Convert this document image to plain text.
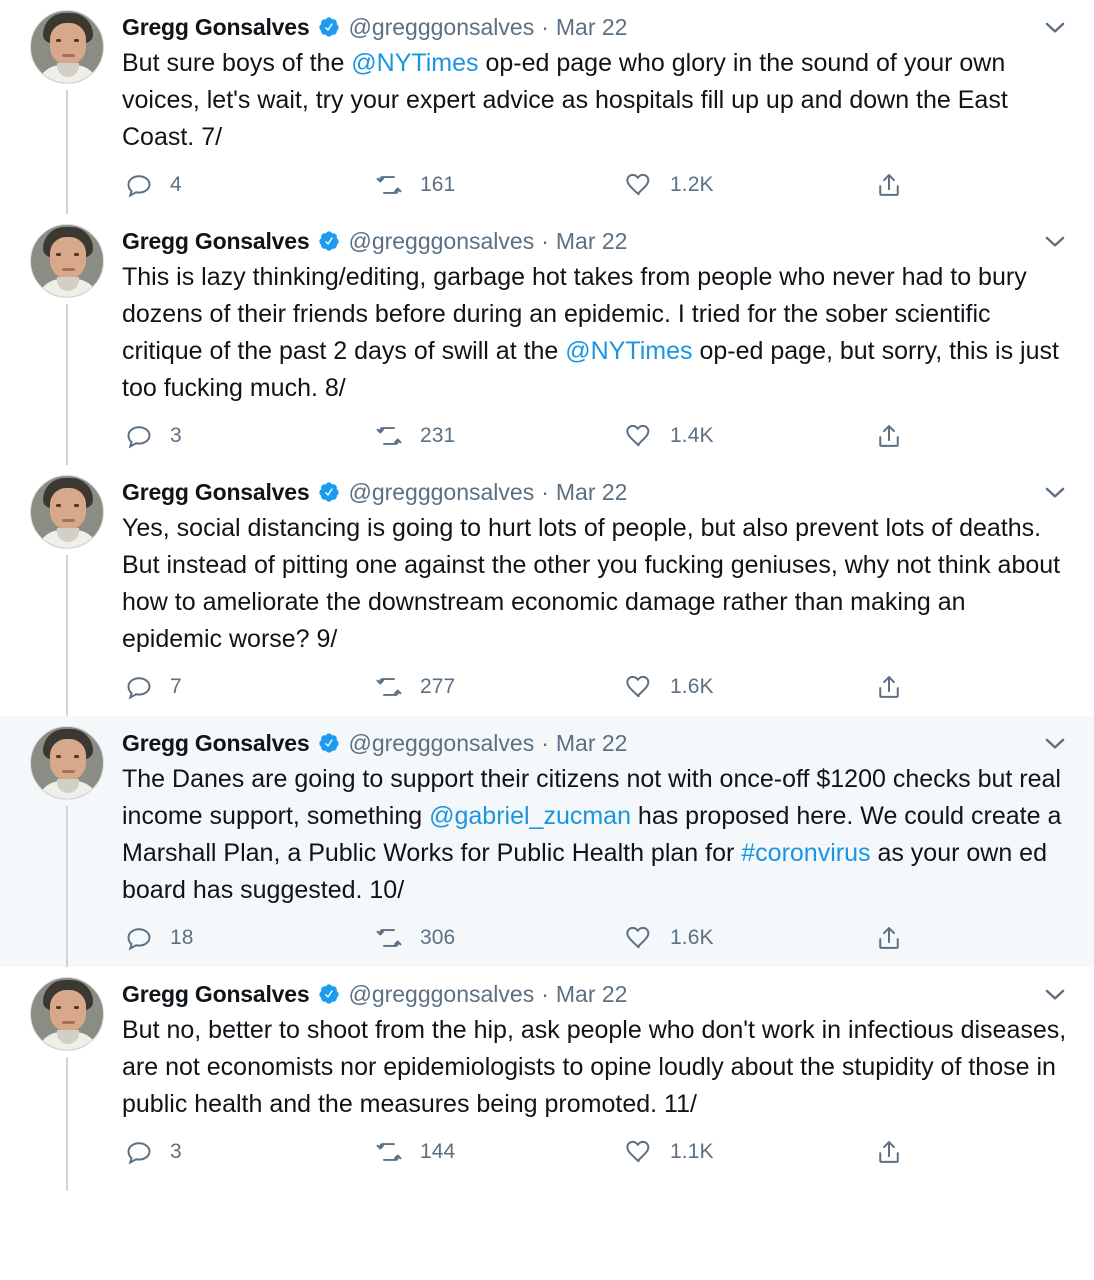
Gregg Gonsalves @gregggonsalves · Mar 22
But sure boys of the @NYTimes op-ed page who glory in the sound of your own voices, let's wait, try your expert advice as hospitals fill up up and down the East Coast. 7/
4	161	1.2K
Gregg Gonsalves @gregggonsalves · Mar 22
This is lazy thinking/editing, garbage hot takes from people who never had to bury dozens of their friends before during an epidemic. I tried for the sober scientific critique of the past 2 days of swill at the @NYTimes op-ed page, but sorry, this is just too fucking much. 8/
3	231	1.4K
Gregg Gonsalves @gregggonsalves · Mar 22
Yes, social distancing is going to hurt lots of people, but also prevent lots of deaths. But instead of pitting one against the other you fucking geniuses, why not think about how to ameliorate the downstream economic damage rather than making an epidemic worse? 9/
7	277	1.6K
Gregg Gonsalves @gregggonsalves · Mar 22
The Danes are going to support their citizens not with once-off $1200 checks but real income support, something @gabriel_zucman has proposed here. We could create a Marshall Plan, a Public Works for Public Health plan for #coronvirus as your own ed board has suggested. 10/
18	306	1.6K
Gregg Gonsalves @gregggonsalves · Mar 22
But no, better to shoot from the hip, ask people who don't work in infectious diseases, are not economists nor epidemiologists to opine loudly about the stupidity of those in public health and the measures being promoted. 11/
3	144	1.1K
